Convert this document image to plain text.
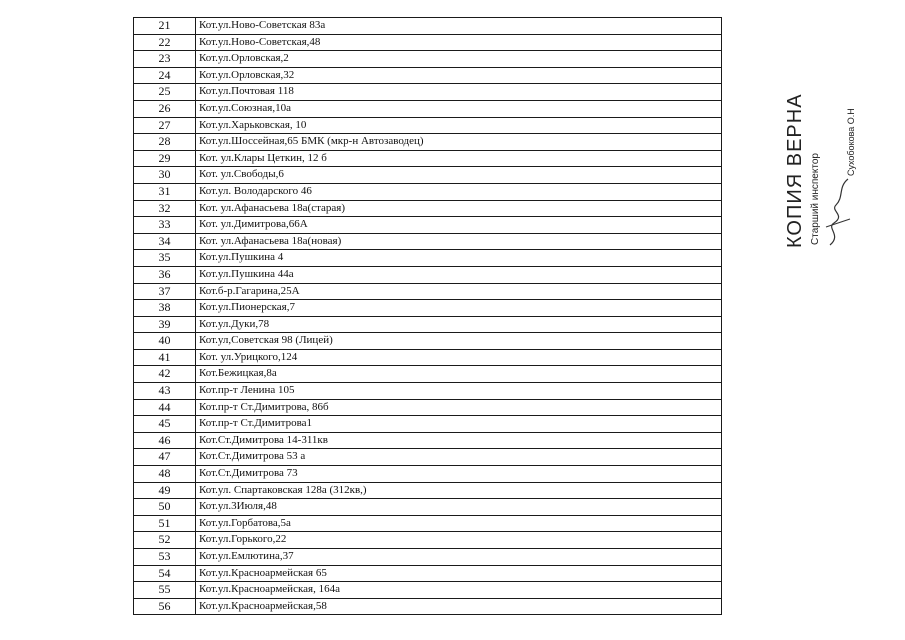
21	Кот.ул.Ново-Советская 83а
22	Кот.ул.Ново-Советская,48
23	Кот.ул.Орловская,2
24	Кот.ул.Орловская,32
25	Кот.ул.Почтовая 118
26	Кот.ул.Союзная,10а
27	Кот.ул.Харьковская, 10
28	Кот.ул.Шоссейная,65 БМК (мкр-н Автозаводец)
29	Кот. ул.Клары Цеткин, 12 б
30	Кот. ул.Свободы,6
31	Кот.ул. Володарского 46
32	Кот. ул.Афанасьева 18а(старая)
33	Кот. ул.Димитрова,66А
34	Кот. ул.Афанасьева 18а(новая)
35	Кот.ул.Пушкина 4
36	Кот.ул.Пушкина 44а
37	Кот.б-р.Гагарина,25А
38	Кот.ул.Пионерская,7
39	Кот.ул.Дуки,78
40	Кот.ул,Советская 98 (Лицей)
41	Кот. ул.Урицкого,124
42	Кот.Бежицкая,8а
43	Кот.пр-т Ленина 105
44	Кот.пр-т Ст.Димитрова, 86б
45	Кот.пр-т Ст.Димитрова1
46	Кот.Ст.Димитрова 14-311кв
47	Кот.Ст.Димитрова 53 а
48	Кот.Ст.Димитрова 73
49	Кот.ул. Спартаковская 128а (312кв,)
50	Кот.ул.3Июля,48
51	Кот.ул.Горбатова,5а
52	Кот.ул.Горького,22
53	Кот.ул.Емлютина,37
54	Кот.ул.Красноармейская 65
55	Кот.ул.Красноармейская, 164а
56	Кот.ул.Красноармейская,58
КОПИЯ ВЕРНА Старший инспектор
Сухобокова О.Н
